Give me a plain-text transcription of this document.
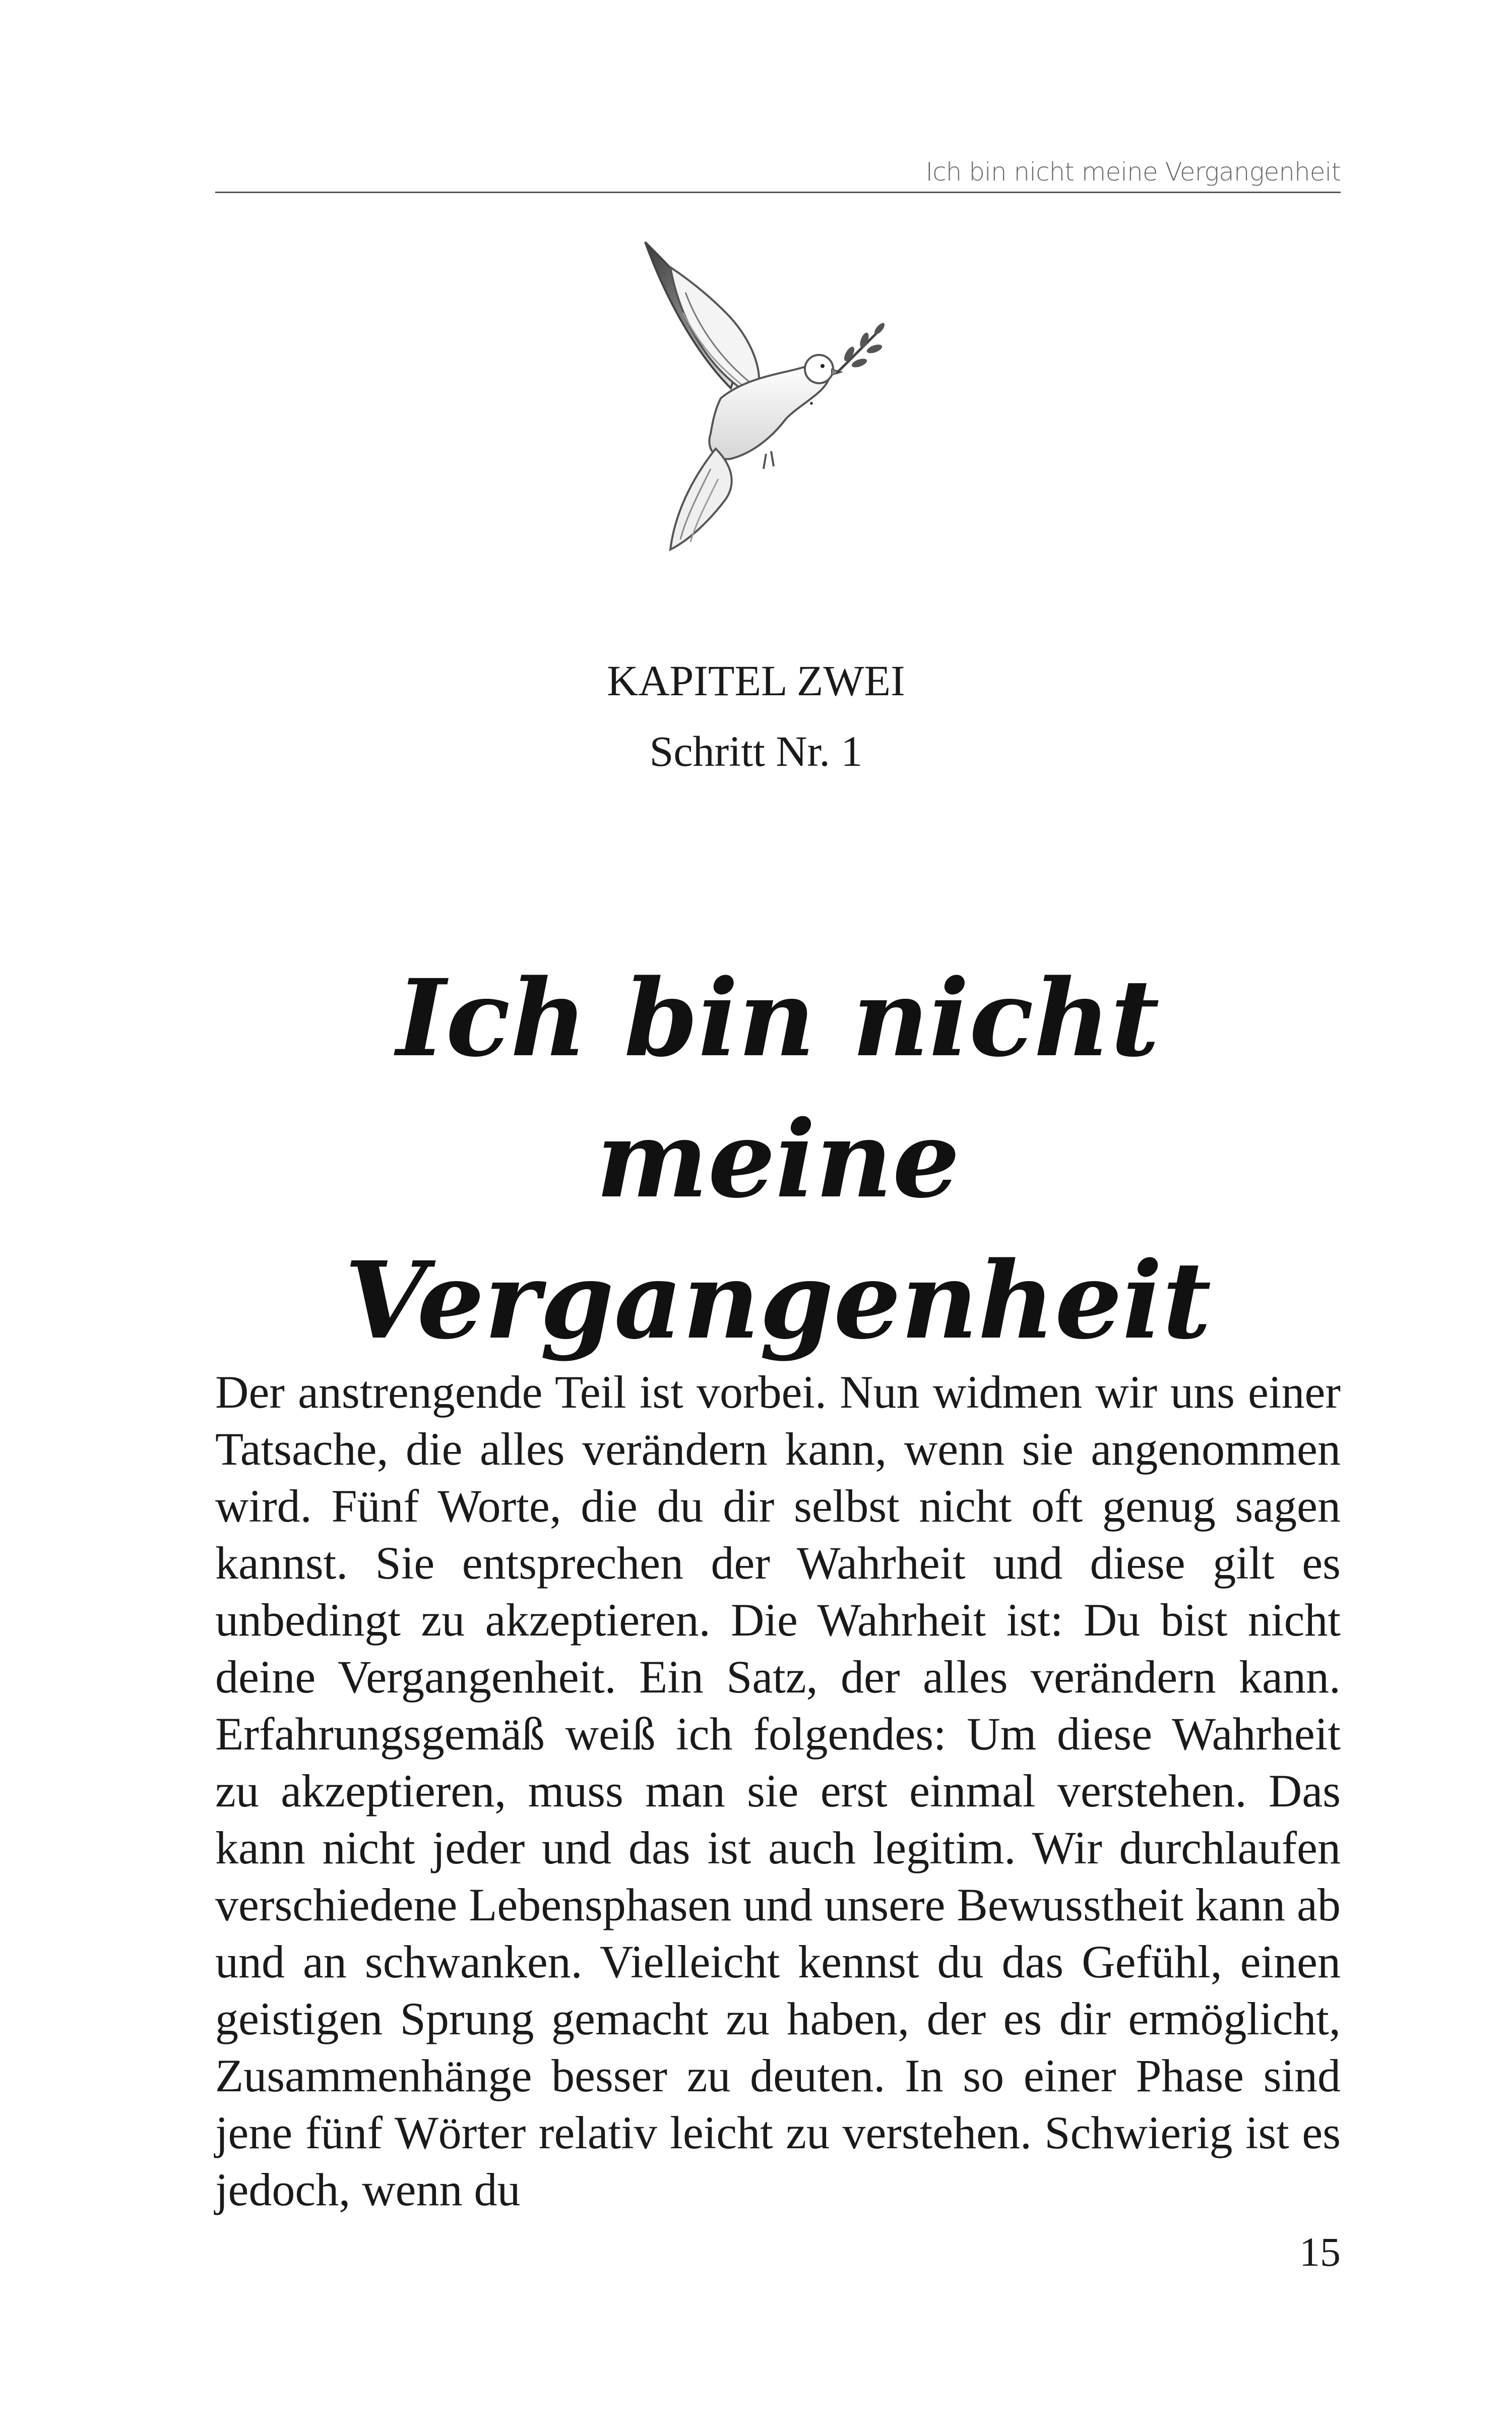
Ich bin nicht meine Vergangenheit
KAPITEL ZWEI
Schritt Nr. 1
Ich bin nicht meine Vergangenheit

Der anstrengende Teil ist vorbei. Nun widmen wir uns einer Tatsache, die alles verändern kann, wenn sie angenommen wird. Fünf Worte, die du dir selbst nicht oft genug sagen kannst. Sie entsprechen der Wahrheit und diese gilt es unbedingt zu akzeptieren. Die Wahrheit ist: Du bist nicht deine Vergangenheit. Ein Satz, der alles verändern kann. Erfahrungsgemäß weiß ich folgendes: Um diese Wahrheit zu akzeptieren, muss man sie erst einmal verstehen. Das kann nicht jeder und das ist auch legitim. Wir durchlaufen verschiedene Lebensphasen und unsere Bewusstheit kann ab und an schwanken. Vielleicht kennst du das Gefühl, einen geistigen Sprung gemacht zu haben, der es dir ermöglicht, Zusammenhänge besser zu deuten. In so einer Phase sind jene fünf Wörter relativ leicht zu verstehen. Schwierig ist es jedoch, wenn du

15
